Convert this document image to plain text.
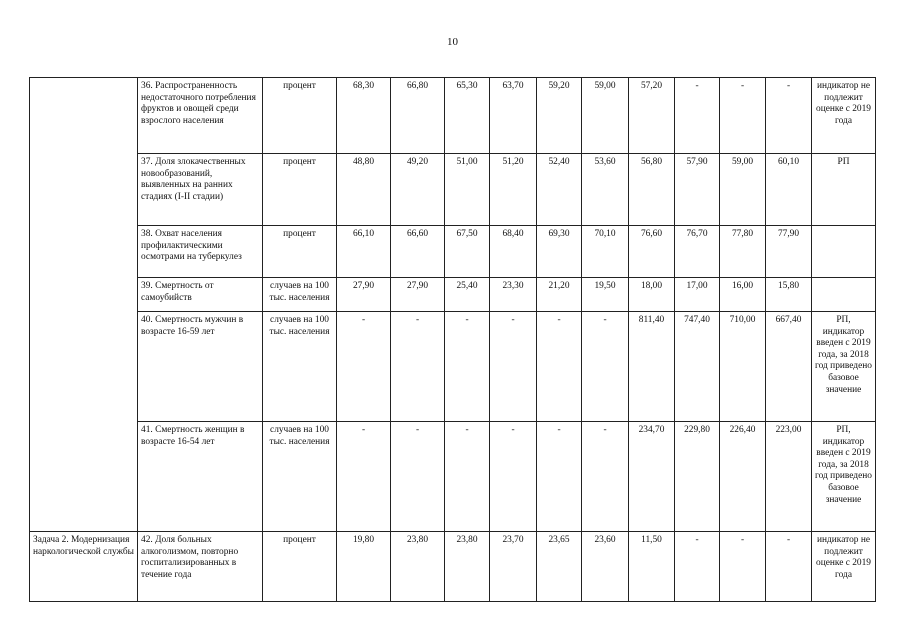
10
	36. Распространенность недостаточного потребления фруктов и овощей среди взрослого населения	процент	68,30	66,80	65,30	63,70	59,20	59,00	57,20	-	-	-	индикатор не подлежит оценке с 2019 года
	37. Доля злокачественных новообразований, выявленных на ранних стадиях (I-II стадии)	процент	48,80	49,20	51,00	51,20	52,40	53,60	56,80	57,90	59,00	60,10	РП
	38. Охват населения профилактическими осмотрами на туберкулез	процент	66,10	66,60	67,50	68,40	69,30	70,10	76,60	76,70	77,80	77,90	
	39. Смертность от самоубийств	случаев на 100 тыс. населения	27,90	27,90	25,40	23,30	21,20	19,50	18,00	17,00	16,00	15,80	
	40. Смертность мужчин в возрасте 16-59 лет	случаев на 100 тыс. населения	-	-	-	-	-	-	811,40	747,40	710,00	667,40	РП, индикатор введен с 2019 года, за 2018 год приведено базовое значение
	41. Смертность женщин в возрасте 16-54 лет	случаев на 100 тыс. населения	-	-	-	-	-	-	234,70	229,80	226,40	223,00	РП, индикатор введен с 2019 года, за 2018 год приведено базовое значение
Задача 2. Модернизация наркологической службы	42. Доля больных алкоголизмом, повторно госпитализированных в течение года	процент	19,80	23,80	23,80	23,70	23,65	23,60	11,50	-	-	-	индикатор не подлежит оценке с 2019 года
